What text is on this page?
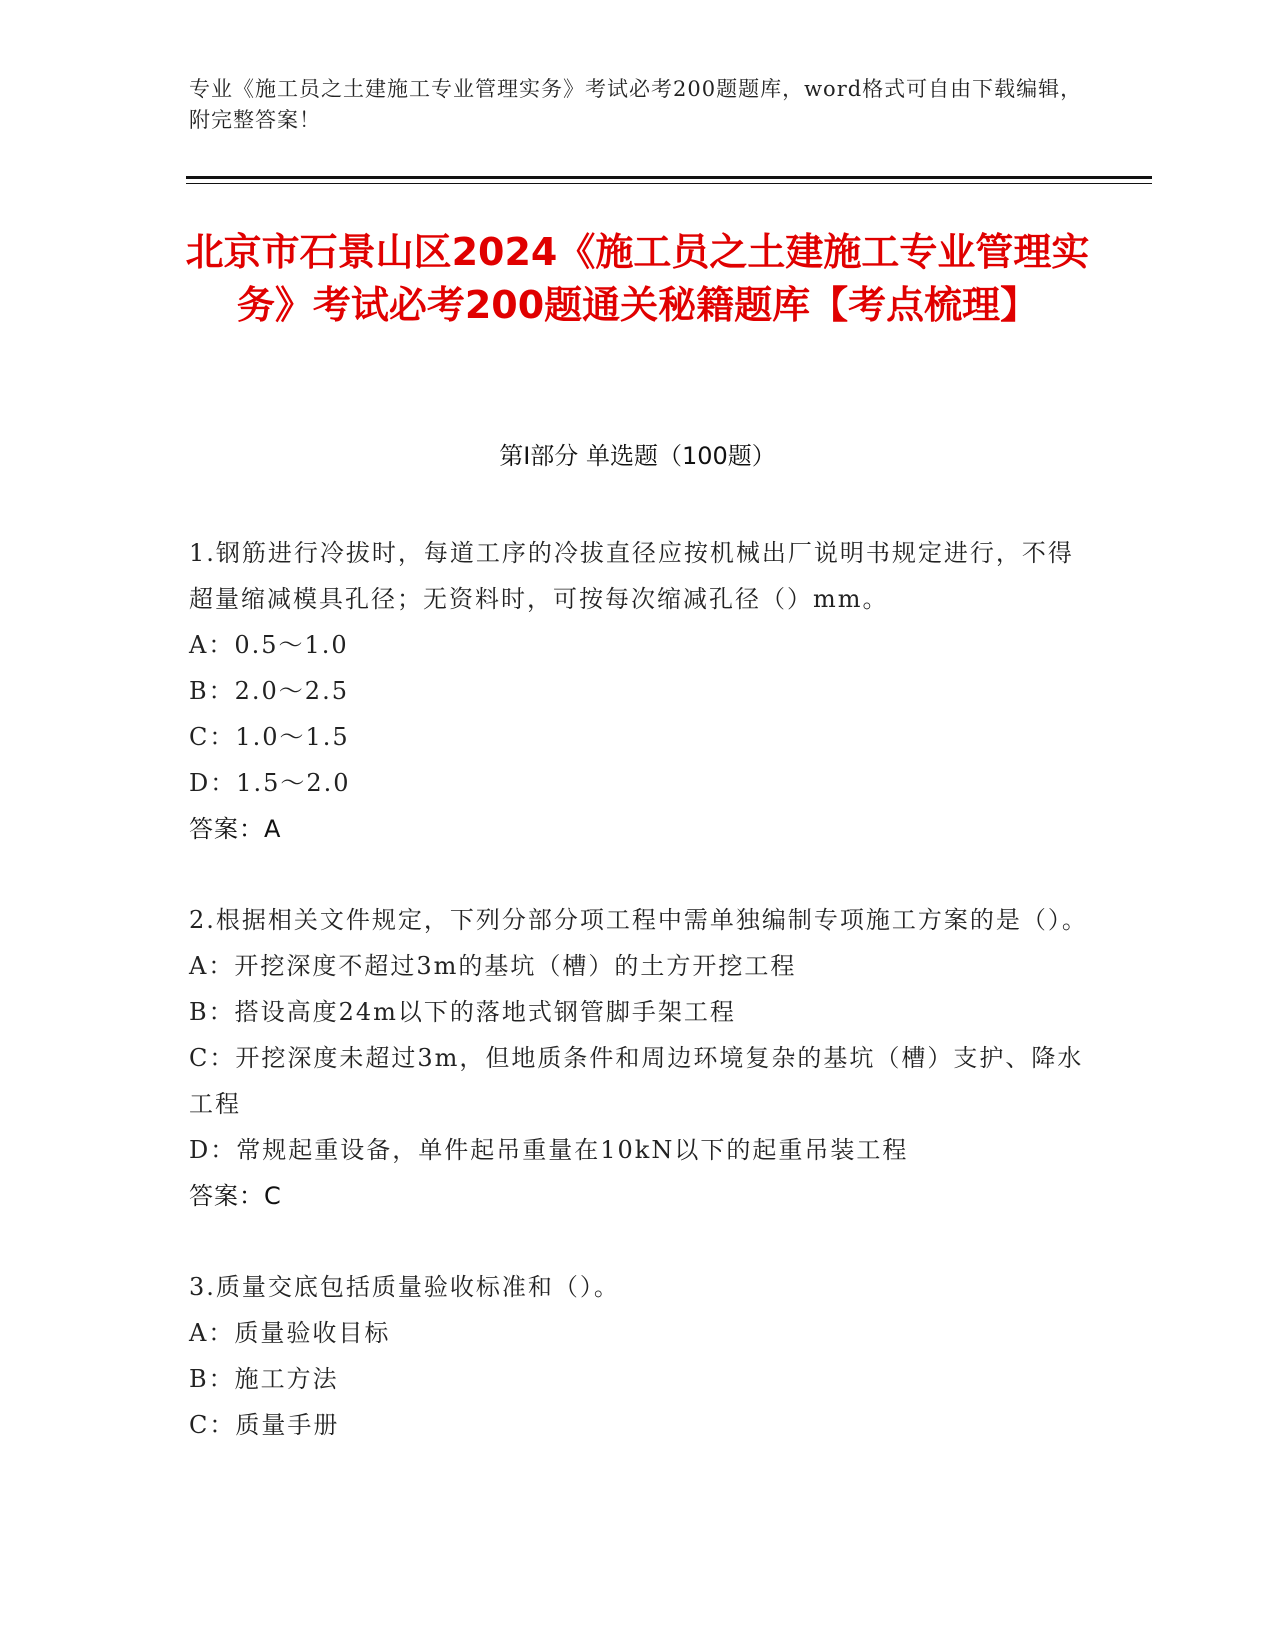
专业《施工员之土建施工专业管理实务》考试必考200题题库，word格式可自由下载编辑，附完整答案！
北京市石景山区2024《施工员之土建施工专业管理实务》考试必考200题通关秘籍题库【考点梳理】
第I部分 单选题（100题）

1.钢筋进行冷拔时，每道工序的冷拔直径应按机械出厂说明书规定进行，不得超量缩减模具孔径；无资料时，可按每次缩减孔径（）mm。

A：0.5～1.0

B：2.0～2.5

C：1.0～1.5

D：1.5～2.0

答案：A

2.根据相关文件规定，下列分部分项工程中需单独编制专项施工方案的是（）。

A：开挖深度不超过3m的基坑（槽）的土方开挖工程

B：搭设高度24m以下的落地式钢管脚手架工程

C：开挖深度未超过3m，但地质条件和周边环境复杂的基坑（槽）支护、降水工程

D：常规起重设备，单件起吊重量在10kN以下的起重吊装工程

答案：C

3.质量交底包括质量验收标准和（）。

A：质量验收目标

B：施工方法

C：质量手册
